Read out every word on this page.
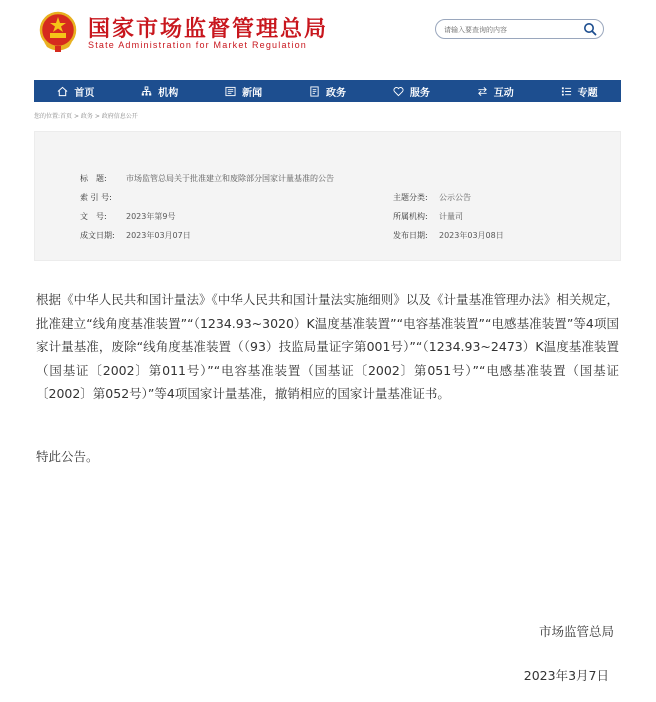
国家市场监督管理总局
State Administration for Market Regulation
请输入要查询的内容
首页	机构	新闻	政务	服务	互动	专题
您的位置:首页 > 政务 > 政府信息公开
标　题: 市场监管总局关于批准建立和废除部分国家计量基准的公告
索 引 号:	主题分类: 公示公告
文　号: 2023年第9号	所属机构: 计量司
成文日期: 2023年03月07日	发布日期: 2023年03月08日

根据《中华人民共和国计量法》《中华人民共和国计量法实施细则》以及《计量基准管理办法》相关规定，批准建立“线角度基准装置”“（1234.93~3020）K温度基准装置”“电容基准装置”“电感基准装置”等4项国家计量基准，废除“线角度基准装置（（93）技监局量证字第001号）”“（1234.93~2473）K温度基准装置（国基证〔2002〕第011号）”“电容基准装置（国基证〔2002〕第051号）”“电感基准装置（国基证〔2002〕第052号）”等4项国家计量基准，撤销相应的国家计量基准证书。

特此公告。
市场监管总局
2023年3月7日
